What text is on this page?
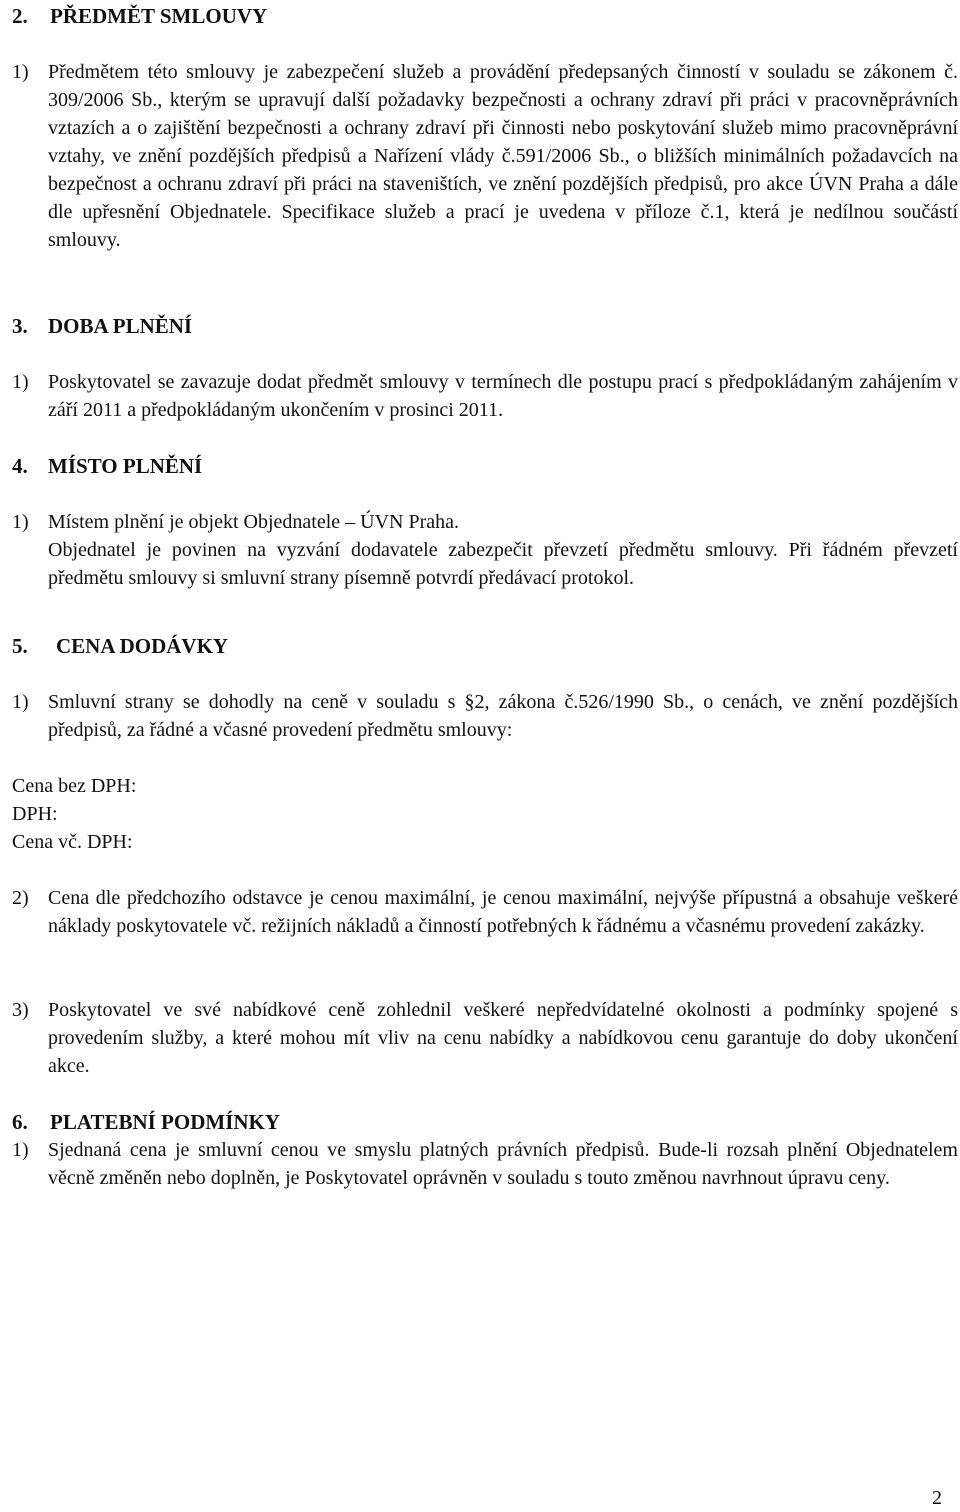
2. PŘEDMĚT SMLOUVY
1) Předmětem této smlouvy je zabezpečení služeb a provádění předepsaných činností v souladu se zákonem č. 309/2006 Sb., kterým se upravují další požadavky bezpečnosti a ochrany zdraví při práci v pracovněprávních vztazích a o zajištění bezpečnosti a ochrany zdraví při činnosti nebo poskytování služeb mimo pracovněprávní vztahy, ve znění pozdějších předpisů a Nařízení vlády č.591/2006 Sb., o bližších minimálních požadavcích na bezpečnost a ochranu zdraví při práci na staveništích, ve znění pozdějších předpisů, pro akce ÚVN Praha a dále dle upřesnění Objednatele. Specifikace služeb a prací je uvedena v příloze č.1, která je nedílnou součástí smlouvy.

3. DOBA PLNĚNÍ
1) Poskytovatel se zavazuje dodat předmět smlouvy v termínech dle postupu prací s předpokládaným zahájením v září 2011 a předpokládaným ukončením v prosinci 2011.

4. MÍSTO PLNĚNÍ
1) Místem plnění je objekt Objednatele – ÚVN Praha.

Objednatel je povinen na vyzvání dodavatele zabezpečit převzetí předmětu smlouvy. Při řádném převzetí předmětu smlouvy si smluvní strany písemně potvrdí předávací protokol.

5. CENA DODÁVKY
1) Smluvní strany se dohodly na ceně v souladu s §2, zákona č.526/1990 Sb., o cenách, ve znění pozdějších předpisů, za řádné a včasné provedení předmětu smlouvy:

Cena bez DPH:
DPH:
Cena vč. DPH:
2) Cena dle předchozího odstavce je cenou maximální, je cenou maximální, nejvýše přípustná a obsahuje veškeré náklady poskytovatele vč. režijních nákladů a činností potřebných k řádnému a včasnému provedení zakázky.

3) Poskytovatel ve své nabídkové ceně zohlednil veškeré nepředvídatelné okolnosti a podmínky spojené s provedením služby, a které mohou mít vliv na cenu nabídky a nabídkovou cenu garantuje do doby ukončení akce.

6. PLATEBNÍ PODMÍNKY
1) Sjednaná cena je smluvní cenou ve smyslu platných právních předpisů. Bude-li rozsah plnění Objednatelem věcně změněn nebo doplněn, je Poskytovatel oprávněn v souladu s touto změnou navrhnout úpravu ceny.

2
